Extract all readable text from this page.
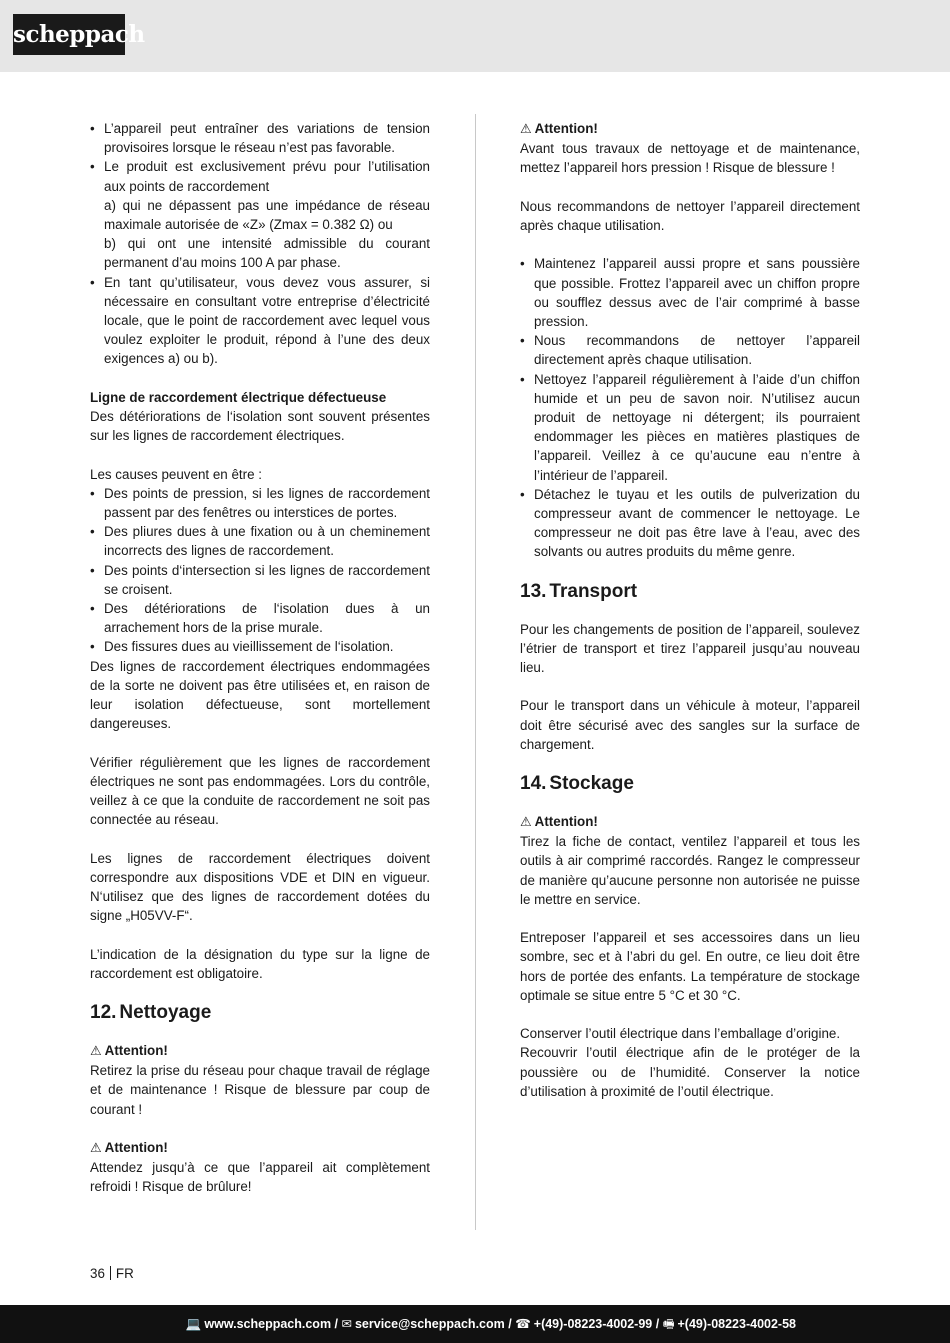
scheppach
• L’appareil peut entraîner des variations de tension provisoires lorsque le réseau n’est pas favorable.
• Le produit est exclusivement prévu pour l’utilisation aux points de raccordement
a) qui ne dépassent pas une impédance de réseau maximale autorisée de «Z» (Zmax = 0.382 Ω) ou
b) qui ont une intensité admissible du courant permanent d’au moins 100 A par phase.
• En tant qu’utilisateur, vous devez vous assurer, si nécessaire en consultant votre entreprise d’électricité locale, que le point de raccordement avec lequel vous voulez exploiter le produit, répond à l’une des deux exigences a) ou b).

Ligne de raccordement électrique défectueuse

Des détériorations de l‘isolation sont souvent présentes sur les lignes de raccordement électriques.

Les causes peuvent en être :

• Des points de pression, si les lignes de raccordement passent par des fenêtres ou interstices de portes.
• Des pliures dues à une fixation ou à un cheminement incorrects des lignes de raccordement.
• Des points d‘intersection si les lignes de raccordement se croisent.
• Des détériorations de l‘isolation dues à un arrachement hors de la prise murale.
• Des fissures dues au vieillissement de l‘isolation.

Des lignes de raccordement électriques endommagées de la sorte ne doivent pas être utilisées et, en raison de leur isolation défectueuse, sont mortellement dangereuses.

Vérifier régulièrement que les lignes de raccordement électriques ne sont pas endommagées. Lors du contrôle, veillez à ce que la conduite de raccordement ne soit pas connectée au réseau.

Les lignes de raccordement électriques doivent correspondre aux dispositions VDE et DIN en vigueur. N‘utilisez que des lignes de raccordement dotées du signe „H05VV-F“.

L’indication de la désignation du type sur la ligne de raccordement est obligatoire.

12. Nettoyage

⚠ Attention!

Retirez la prise du réseau pour chaque travail de réglage et de maintenance ! Risque de blessure par coup de courant !

⚠ Attention!

Attendez jusqu’à ce que l’appareil ait complètement refroidi ! Risque de brûlure!

⚠ Attention!

Avant tous travaux de nettoyage et de maintenance, mettez l’appareil hors pression ! Risque de blessure !

Nous recommandons de nettoyer l’appareil directement après chaque utilisation.

• Maintenez l’appareil aussi propre et sans poussière que possible. Frottez l’appareil avec un chiffon propre ou soufflez dessus avec de l’air comprimé à basse pression.
• Nous recommandons de nettoyer l’appareil directement après chaque utilisation.
• Nettoyez l’appareil régulièrement à l’aide d’un chiffon humide et un peu de savon noir. N’utilisez aucun produit de nettoyage ni détergent; ils pourraient endommager les pièces en matières plastiques de l’appareil. Veillez à ce qu’aucune eau n’entre à l’intérieur de l’appareil.
• Détachez le tuyau et les outils de pulverization du compresseur avant de commencer le nettoyage. Le compresseur ne doit pas être lave à l’eau, avec des solvants ou autres produits du même genre.
13. Transport

Pour les changements de position de l’appareil, soulevez l’étrier de transport et tirez l’appareil jusqu’au nouveau lieu.

Pour le transport dans un véhicule à moteur, l’appareil doit être sécurisé avec des sangles sur la surface de chargement.

14. Stockage

⚠ Attention!

Tirez la fiche de contact, ventilez l’appareil et tous les outils à air comprimé raccordés. Rangez le compresseur de manière qu’aucune personne non autorisée ne puisse le mettre en service.

Entreposer l’appareil et ses accessoires dans un lieu sombre, sec et à l’abri du gel. En outre, ce lieu doit être hors de portée des enfants. La température de stockage optimale se situe entre 5 °C et 30 °C.

Conserver l’outil électrique dans l’emballage d’origine.

Recouvrir l’outil électrique afin de le protéger de la poussière ou de l’humidité. Conserver la notice d’utilisation à proximité de l’outil électrique.

36 FR
💻 www.scheppach.com / ✉ service@scheppach.com / ☎ +(49)-08223-4002-99 / 🖷 +(49)-08223-4002-58
